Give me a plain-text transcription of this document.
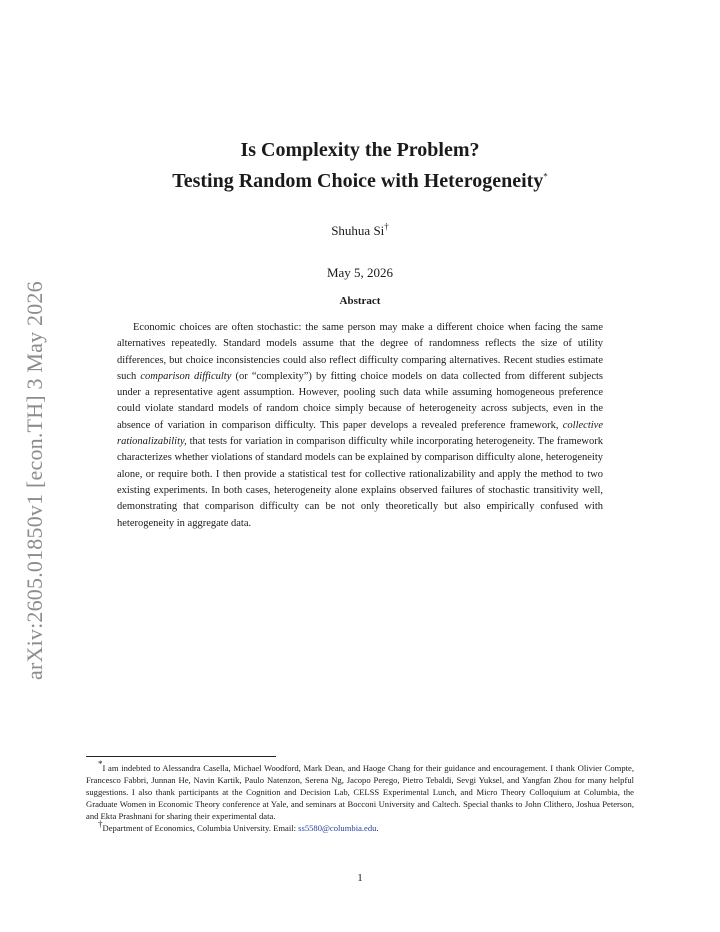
arXiv:2605.01850v1 [econ.TH] 3 May 2026
Is Complexity the Problem?
Testing Random Choice with Heterogeneity*
Shuhua Si†
May 5, 2026
Abstract

Economic choices are often stochastic: the same person may make a different choice when facing the same alternatives repeatedly. Standard models assume that the degree of randomness reflects the size of utility differences, but choice inconsistencies could also reflect difficulty comparing alternatives. Recent studies estimate such comparison difficulty (or “complexity”) by fitting choice models on data collected from different subjects under a representative agent assumption. However, pooling such data while assuming homogeneous preference could violate standard models of random choice simply because of heterogeneity across subjects, even in the absence of variation in comparison difficulty. This paper develops a revealed preference framework, collective rationalizability, that tests for variation in comparison difficulty while incorporating heterogeneity. The framework characterizes whether violations of standard models can be explained by comparison difficulty alone, heterogeneity alone, or require both. I then provide a statistical test for collective rationalizability and apply the method to two existing experiments. In both cases, heterogeneity alone explains observed failures of stochastic transitivity well, demonstrating that comparison difficulty can be not only theoretically but also empirically confused with heterogeneity in aggregate data.

*I am indebted to Alessandra Casella, Michael Woodford, Mark Dean, and Haoge Chang for their guidance and encouragement. I thank Olivier Compte, Francesco Fabbri, Junnan He, Navin Kartik, Paulo Natenzon, Serena Ng, Jacopo Perego, Pietro Tebaldi, Sevgi Yuksel, and Yangfan Zhou for many helpful suggestions. I also thank participants at the Cognition and Decision Lab, CELSS Experimental Lunch, and Micro Theory Colloquium at Columbia, the Graduate Women in Economic Theory conference at Yale, and seminars at Bocconi University and Caltech. Special thanks to John Clithero, Joshua Peterson, and Ekta Prashnani for sharing their experimental data.

†Department of Economics, Columbia University. Email: ss5580@columbia.edu.

1
